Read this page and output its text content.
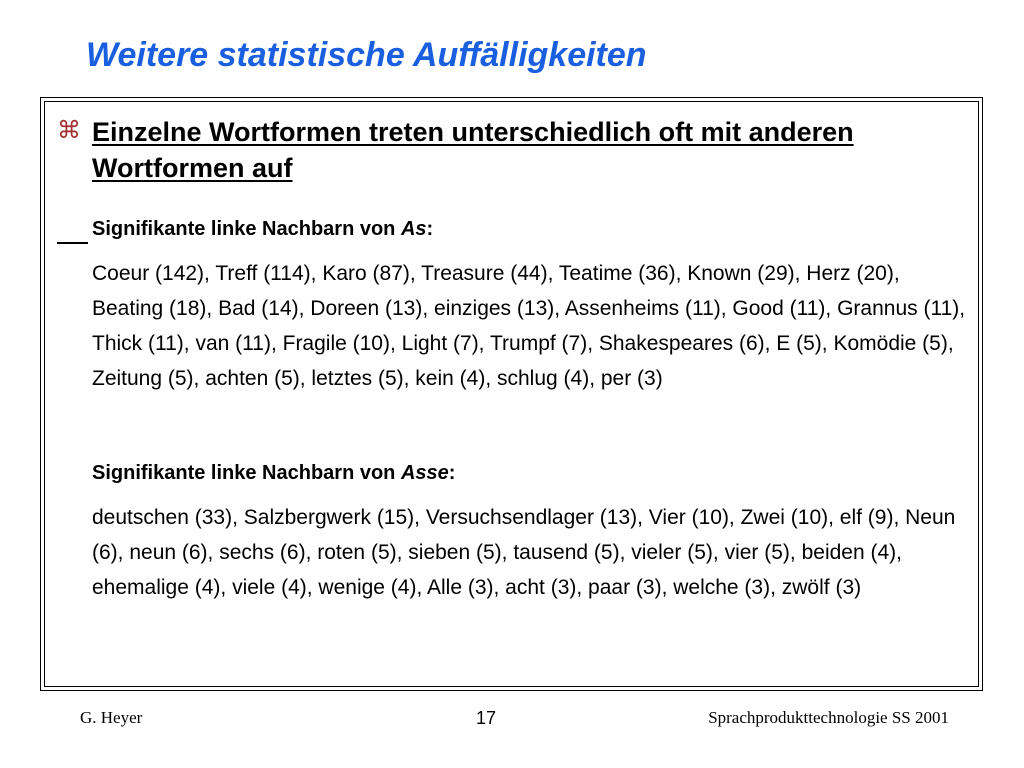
Weitere statistische Auffälligkeiten
⌘ Einzelne Wortformen treten unterschiedlich oft mit anderen Wortformen auf

Signifikante linke Nachbarn von As:

Coeur (142), Treff (114), Karo (87), Treasure (44), Teatime (36), Known (29), Herz (20), Beating (18), Bad (14), Doreen (13), einziges (13), Assenheims (11), Good (11), Grannus (11), Thick (11), van (11), Fragile (10), Light (7), Trumpf (7), Shakespeares (6), E (5), Komödie (5), Zeitung (5), achten (5), letztes (5), kein (4), schlug (4), per (3)

Signifikante linke Nachbarn von Asse:

deutschen (33), Salzbergwerk (15), Versuchsendlager (13), Vier (10), Zwei (10), elf (9), Neun (6), neun (6), sechs (6), roten (5), sieben (5), tausend (5), vieler (5), vier (5), beiden (4), ehemalige (4), viele (4), wenige (4), Alle (3), acht (3), paar (3), welche (3), zwölf (3)

G. Heyer	17	Sprachprodukttechnologie SS 2001
